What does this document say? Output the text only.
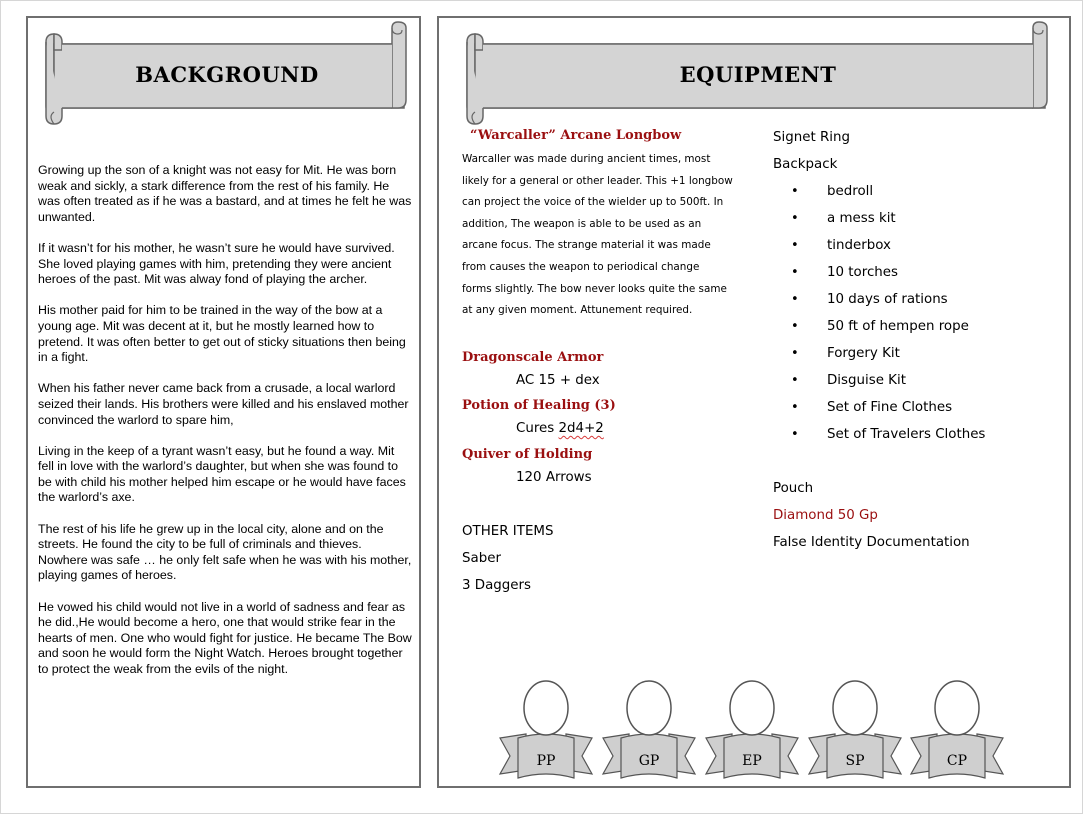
BACKGROUND

Growing up the son of a knight was not easy for Mit. He was born weak and sickly, a stark difference from the rest of his family. He was often treated as if he was a bastard, and at times he felt he was unwanted.

If it wasn’t for his mother, he wasn’t sure he would have survived. She loved playing games with him, pretending they were ancient heroes of the past. Mit was alway fond of playing the archer.

His mother paid for him to be trained in the way of the bow at a young age. Mit was decent at it, but he mostly learned how to pretend. It was often better to get out of sticky situations then being in a fight.

When his father never came back from a crusade, a local warlord seized their lands. His brothers were killed and his enslaved mother convinced the warlord to spare him,

Living in the keep of a tyrant wasn’t easy, but he found a way. Mit fell in love with the warlord’s daughter, but when she was found to be with child his mother helped him escape or he would have faces the warlord’s axe.

The rest of his life he grew up in the local city, alone and on the streets. He found the city to be full of criminals and thieves. Nowhere was safe … he only felt safe when he was with his mother, playing games of heroes.

He vowed his child would not live in a world of sadness and fear as he did.,He would become a hero, one that would strike fear in the hearts of men. One who would fight for justice. He became The Bow and soon he would form the Night Watch. Heroes brought together to protect the weak from the evils of the night.

EQUIPMENT
“Warcaller” Arcane Longbow
Warcaller was made during ancient times, most
likely for a general or other leader. This +1 longbow
can project the voice of the wielder up to 500ft. In
addition, The weapon is able to be used as an
arcane focus. The strange material it was made
from causes the weapon to periodical change
forms slightly. The bow never looks quite the same
at any given moment. Attunement required.
Dragonscale Armor
AC 15 + dex
Potion of Healing (3)
Cures 2d4+2
Quiver of Holding
120 Arrows
OTHER ITEMS
Saber
3 Daggers
Signet Ring
Backpack
• bedroll
• a mess kit
• tinderbox
• 10 torches
• 10 days of rations
• 50 ft of hempen rope
• Forgery Kit
• Disguise Kit
• Set of Fine Clothes
• Set of Travelers Clothes
Pouch
Diamond 50 Gp
False Identity Documentation
PP	GP	EP	SP	CP
